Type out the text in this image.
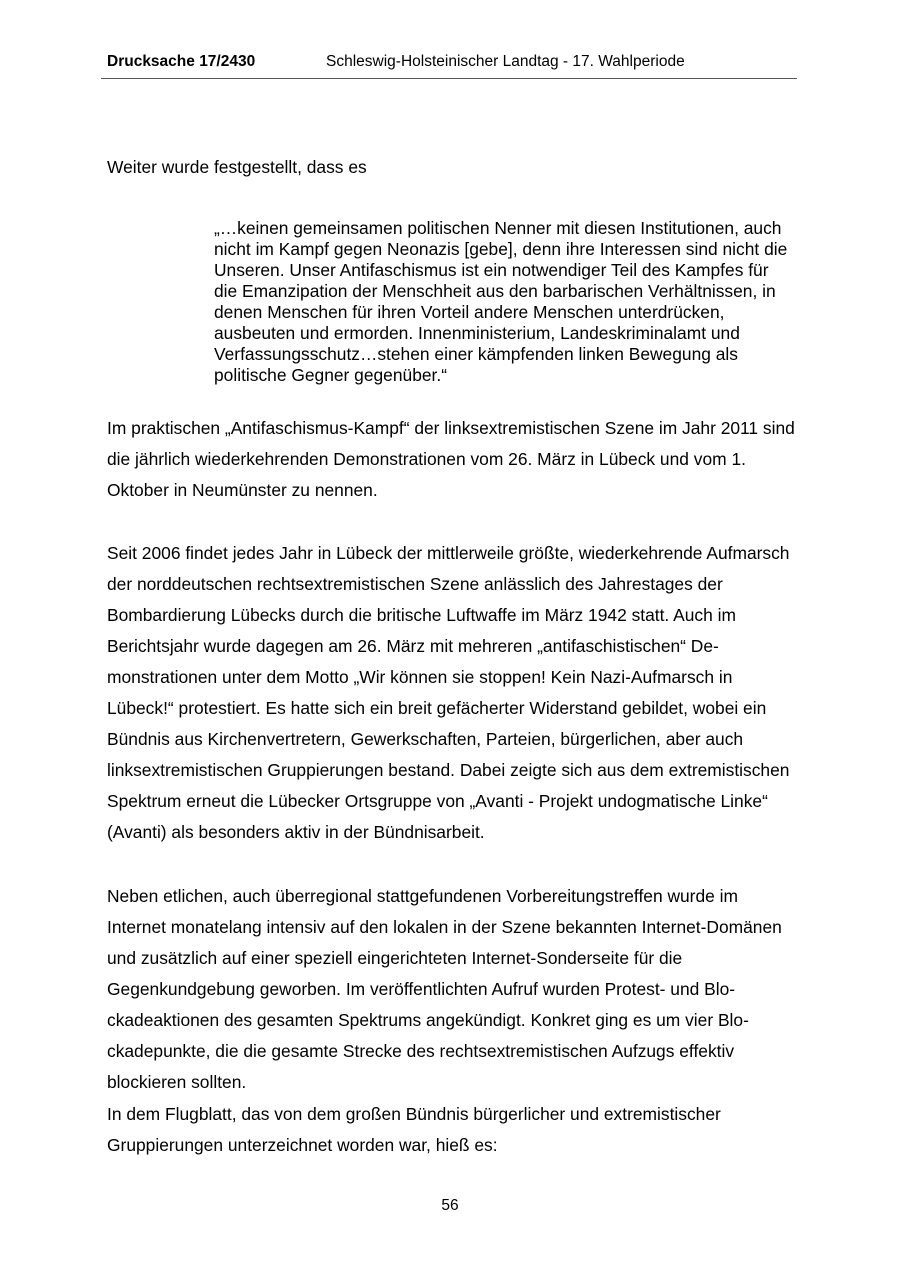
Drucksache 17/2430	Schleswig-Holsteinischer Landtag - 17. Wahlperiode

Weiter wurde festgestellt, dass es

„…keinen gemeinsamen politischen Nenner mit diesen Institutionen, auch nicht im Kampf gegen Neonazis [gebe], denn ihre Interessen sind nicht die Unseren. Unser Antifaschismus ist ein notwendiger Teil des Kampfes für die Emanzipation der Menschheit aus den barbarischen Verhältnissen, in denen Menschen für ihren Vorteil andere Menschen unterdrücken, ausbeuten und ermorden. Innenministerium, Landeskriminalamt und Verfassungsschutz…stehen einer kämpfenden linken Bewegung als politische Gegner gegenüber.“

Im praktischen „Antifaschismus-Kampf“ der linksextremistischen Szene im Jahr 2011 sind die jährlich wiederkehrenden Demonstrationen vom 26. März in Lübeck und vom 1. Oktober in Neumünster zu nennen.

Seit 2006 findet jedes Jahr in Lübeck der mittlerweile größte, wiederkehrende Aufmarsch der norddeutschen rechtsextremistischen Szene anlässlich des Jahrestages der Bombardierung Lübecks durch die britische Luftwaffe im März 1942 statt. Auch im Berichtsjahr wurde dagegen am 26. März mit mehreren „antifaschistischen“ Demonstrationen unter dem Motto „Wir können sie stoppen! Kein Nazi-Aufmarsch in Lübeck!“ protestiert. Es hatte sich ein breit gefächerter Widerstand gebildet, wobei ein Bündnis aus Kirchenvertretern, Gewerkschaften, Parteien, bürgerlichen, aber auch linksextremistischen Gruppierungen bestand. Dabei zeigte sich aus dem extremistischen Spektrum erneut die Lübecker Ortsgruppe von „Avanti - Projekt undogmatische Linke“ (Avanti) als besonders aktiv in der Bündnisarbeit.

Neben etlichen, auch überregional stattgefundenen Vorbereitungstreffen wurde im Internet monatelang intensiv auf den lokalen in der Szene bekannten Internet-Domänen und zusätzlich auf einer speziell eingerichteten Internet-Sonderseite für die Gegenkundgebung geworben. Im veröffentlichten Aufruf wurden Protest- und Blockadeaktionen des gesamten Spektrums angekündigt. Konkret ging es um vier Blockadepunkte, die die gesamte Strecke des rechtsextremistischen Aufzugs effektiv blockieren sollten.

In dem Flugblatt, das von dem großen Bündnis bürgerlicher und extremistischer Gruppierungen unterzeichnet worden war, hieß es:

56
